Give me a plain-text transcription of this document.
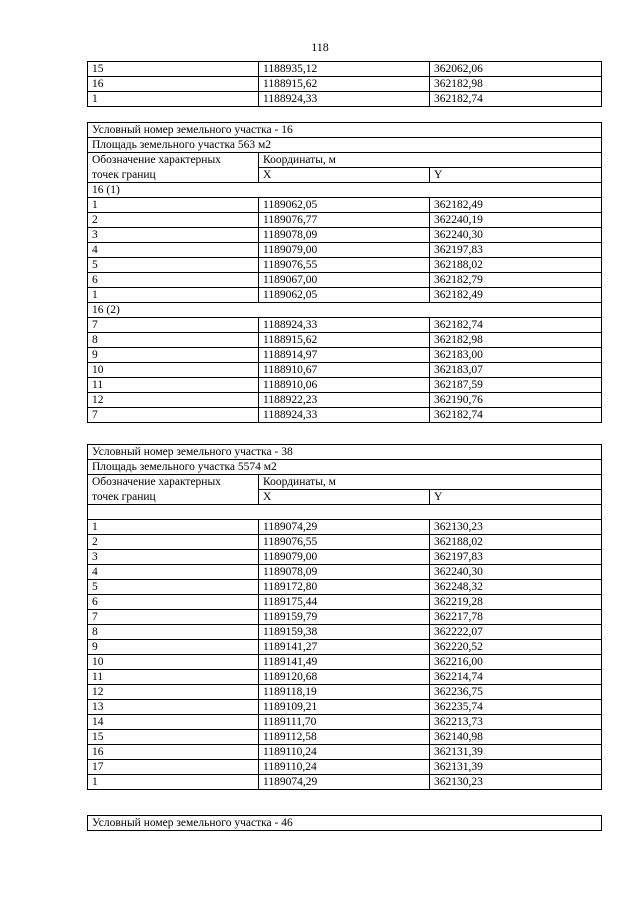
118
15	1188935,12	362062,06
16	1188915,62	362182,98
1	1188924,33	362182,74
Условный номер земельного участка - 16		
Площадь земельного участка 563 м2		
Обозначение характерных	Координаты, м	
точек границ	X	Y
16 (1)		
1	1189062,05	362182,49
2	1189076,77	362240,19
3	1189078,09	362240,30
4	1189079,00	362197,83
5	1189076,55	362188,02
6	1189067,00	362182,79
1	1189062,05	362182,49
16 (2)		
7	1188924,33	362182,74
8	1188915,62	362182,98
9	1188914,97	362183,00
10	1188910,67	362183,07
11	1188910,06	362187,59
12	1188922,23	362190,76
7	1188924,33	362182,74
Условный номер земельного участка - 38		
Площадь земельного участка 5574 м2		
Обозначение характерных	Координаты, м	
точек границ	X	Y

1	1189074,29	362130,23
2	1189076,55	362188,02
3	1189079,00	362197,83
4	1189078,09	362240,30
5	1189172,80	362248,32
6	1189175,44	362219,28
7	1189159,79	362217,78
8	1189159,38	362222,07
9	1189141,27	362220,52
10	1189141,49	362216,00
11	1189120,68	362214,74
12	1189118,19	362236,75
13	1189109,21	362235,74
14	1189111,70	362213,73
15	1189112,58	362140,98
16	1189110,24	362131,39
17	1189110,24	362131,39
1	1189074,29	362130,23
Условный номер земельного участка - 46
